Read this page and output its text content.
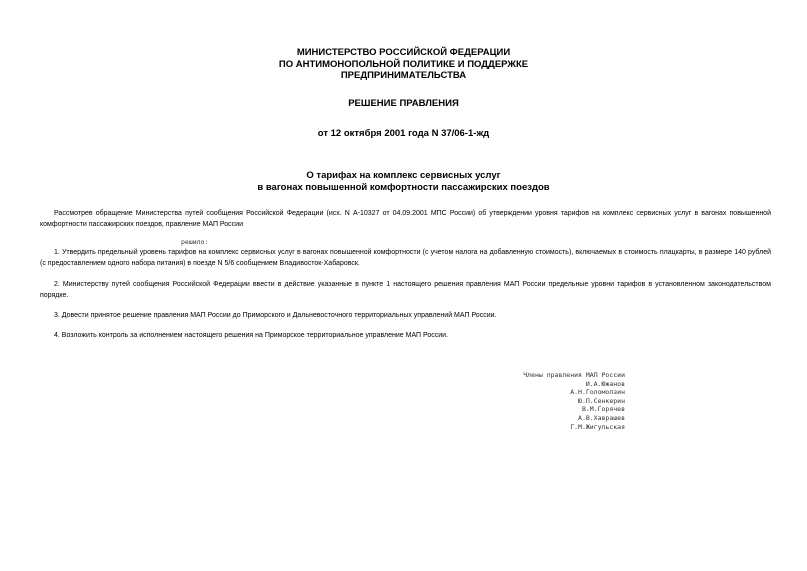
МИНИСТЕРСТВО РОССИЙСКОЙ ФЕДЕРАЦИИ
ПО АНТИМОНОПОЛЬНОЙ ПОЛИТИКЕ И ПОДДЕРЖКЕ
ПРЕДПРИНИМАТЕЛЬСТВА
РЕШЕНИЕ ПРАВЛЕНИЯ
от 12 октября 2001 года N 37/06-1-жд
О тарифах на комплекс сервисных услуг
в вагонах повышенной комфортности пассажирских поездов
Рассмотрев обращение Министерства путей сообщения Российской Федерации (исх. N А-10327 от 04.09.2001 МПС России) об утверждении уровня тарифов на комплекс сервисных услуг в вагонах повышенной комфортности пассажирских поездов, правление МАП России
решило:
1. Утвердить предельный уровень тарифов на комплекс сервисных услуг в вагонах повышенной комфортности (с учетом налога на добавленную стоимость), включаемых в стоимость плацкарты, в размере 140 рублей (с предоставлением одного набора питания) в поезде N 5/6 сообщением Владивосток-Хабаровск.
2. Министерству путей сообщения Российской Федерации ввести в действие указанные в пункте 1 настоящего решения правления МАП России предельные уровни тарифов в установленном законодательством порядке.
3. Довести принятое решение правления МАП России до Приморского и Дальневосточного территориальных управлений МАП России.
4. Возложить контроль за исполнением настоящего решения на Приморское территориальное управление МАП России.
Члены правления МАП России
И.А.Южанов
А.Н.Голомолзин
Ю.П.Сенкерин
В.М.Горячев
А.В.Хаврашев
Г.М.Жигульская
